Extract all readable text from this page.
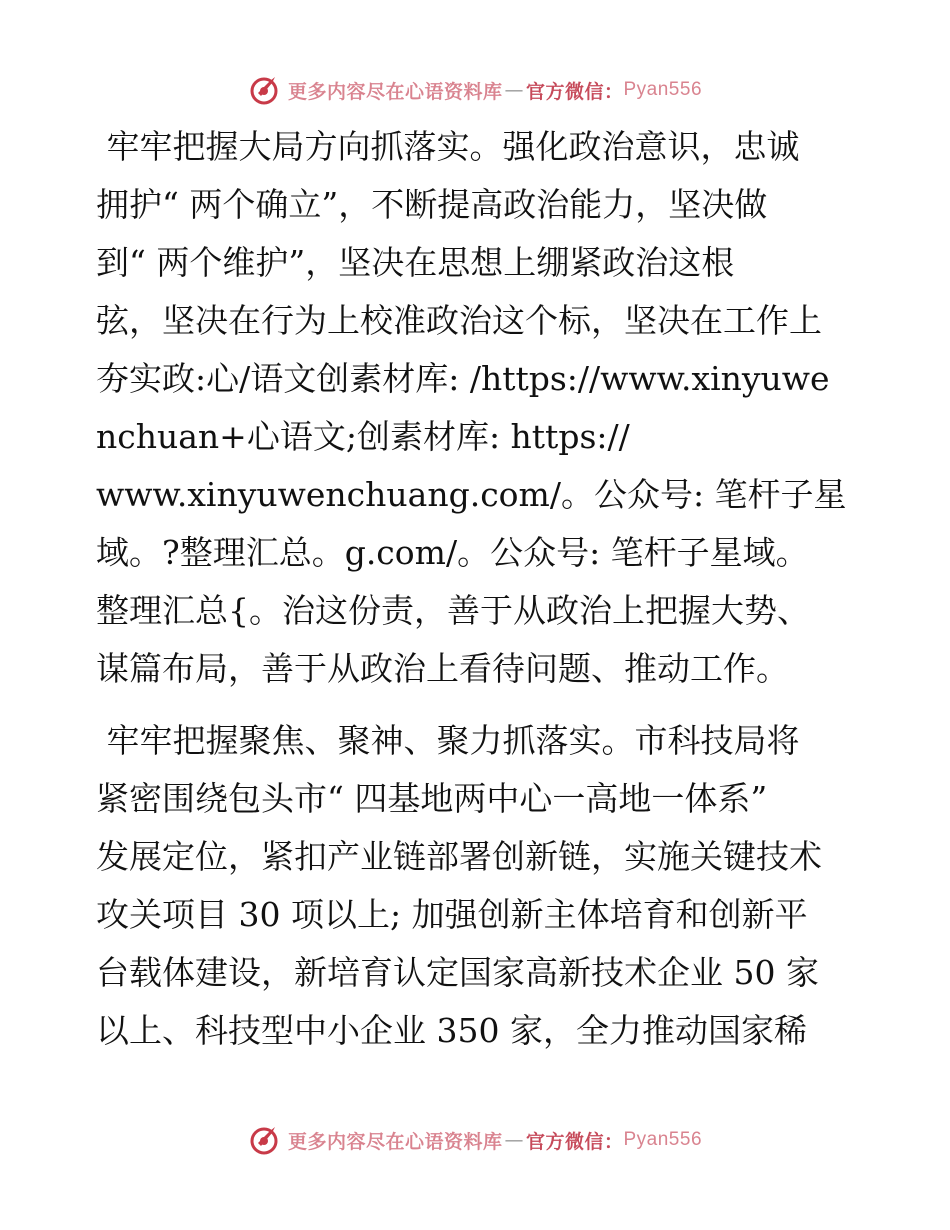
更多内容尽在心语资料库 — 官方微信： Pyan556
牢牢把握大局方向抓落实。强化政治意识，忠诚
拥护“ 两个确立”，不断提高政治能力，坚决做
到“ 两个维护”，坚决在思想上绷紧政治这根
弦，坚决在行为上校准政治这个标，坚决在工作上
夯实政:心/语文创素材库: /https://www.xinyuwe
nchuan+心语文;创素材库: https://
www.xinyuwenchuang.com/。公众号: 笔杆子星
域。?整理汇总。g.com/。公众号: 笔杆子星域。
整理汇总{。治这份责，善于从政治上把握大势、
谋篇布局，善于从政治上看待问题、推动工作。
牢牢把握聚焦、聚神、聚力抓落实。市科技局将
紧密围绕包头市“ 四基地两中心一高地一体系”
发展定位，紧扣产业链部署创新链，实施关键技术
攻关项目 30 项以上; 加强创新主体培育和创新平
台载体建设，新培育认定国家高新技术企业 50 家
以上、科技型中小企业 350 家，全力推动国家稀
更多内容尽在心语资料库 — 官方微信： Pyan556
